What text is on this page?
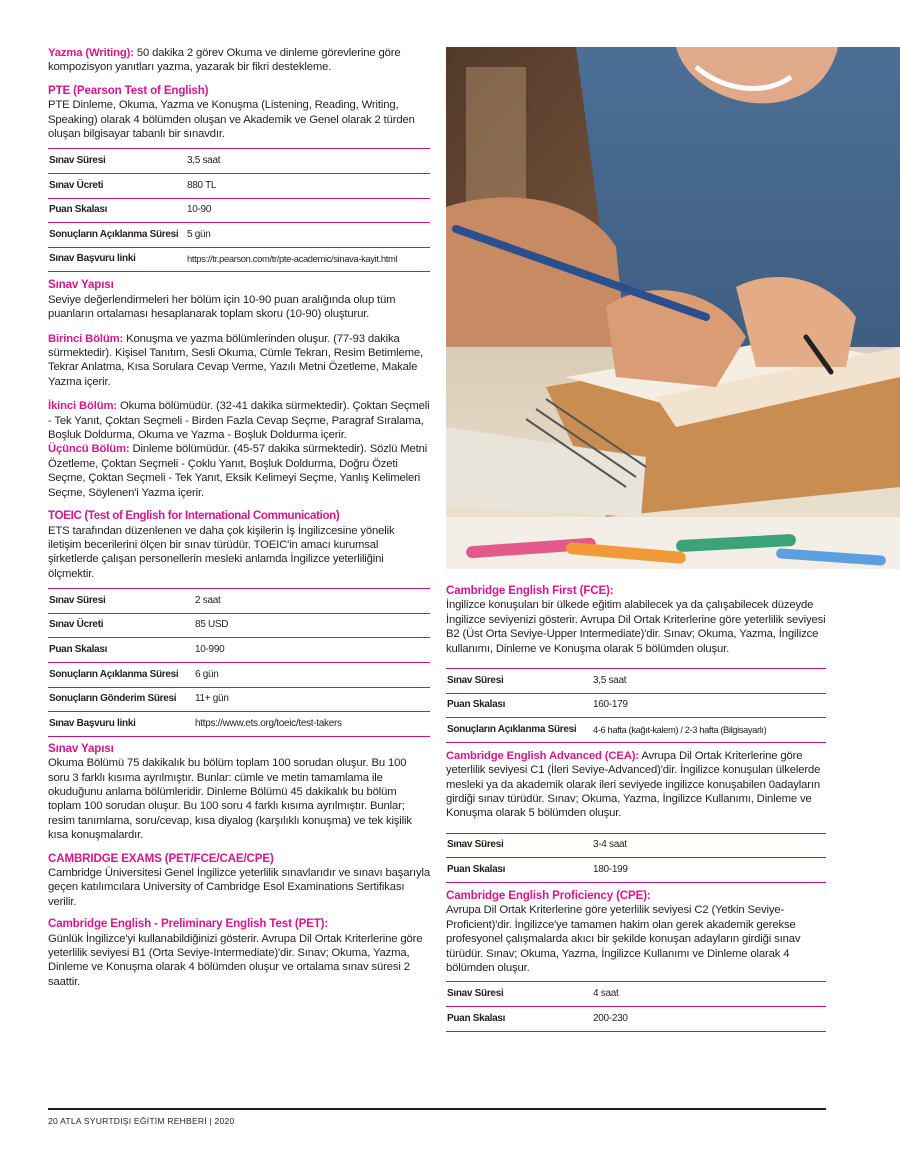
Yazma (Writing): 50 dakika 2 görev Okuma ve dinleme görevlerine göre kompozisyon yanıtları yazma, yazarak bir fikri destekleme.

PTE (Pearson Test of English)

PTE Dinleme, Okuma, Yazma ve Konuşma (Listening, Reading, Writing, Speaking) olarak 4 bölümden oluşan ve Akademik ve Genel olarak 2 türden oluşan bilgisayar tabanlı bir sınavdır.

Sınav Süresi	3,5 saat
Sınav Ücreti	880 TL
Puan Skalası	10-90
Sonuçların Açıklanma Süresi	5 gün
Sınav Başvuru linki	https://tr.pearson.com/tr/pte-academic/sinava-kayit.html
Sınav Yapısı

Seviye değerlendirmeleri her bölüm için 10-90 puan aralığında olup tüm puanların ortalaması hesaplanarak toplam skoru (10-90) oluşturur.

Birinci Bölüm: Konuşma ve yazma bölümlerinden oluşur. (77-93 dakika sürmektedir). Kişisel Tanıtım, Sesli Okuma, Cümle Tekrarı, Resim Betimleme, Tekrar Anlatma, Kısa Sorulara Cevap Verme, Yazılı Metni Özetleme, Makale Yazma içerir.

İkinci Bölüm: Okuma bölümüdür. (32-41 dakika sürmektedir). Çoktan Seçmeli - Tek Yanıt, Çoktan Seçmeli - Birden Fazla Cevap Seçme, Paragraf Sıralama, Boşluk Doldurma, Okuma ve Yazma - Boşluk Doldurma içerir.

Üçüncü Bölüm: Dinleme bölümüdür. (45-57 dakika sürmektedir). Sözlü Metni Özetleme, Çoktan Seçmeli - Çoklu Yanıt, Boşluk Doldurma, Doğru Özeti Seçme, Çoktan Seçmeli - Tek Yanıt, Eksik Kelimeyi Seçme, Yanlış Kelimeleri Seçme, Söylenen'i Yazma içerir.

TOEIC (Test of English for International Communication)

ETS tarafından düzenlenen ve daha çok kişilerin İş İngilizcesine yönelik iletişim becerilerini ölçen bir sınav türüdür. TOEIC'in amacı kurumsal şirketlerde çalışan personellerin mesleki anlamda İngilizce yeterliliğini ölçmektir.

Sınav Süresi	2 saat
Sınav Ücreti	85 USD
Puan Skalası	10-990
Sonuçların Açıklanma Süresi	6 gün
Sonuçların Gönderim Süresi	11+ gün
Sınav Başvuru linki	https://www.ets.org/toeic/test-takers
Sınav Yapısı

Okuma Bölümü 75 dakikalık bu bölüm toplam 100 sorudan oluşur. Bu 100 soru 3 farklı kısıma ayrılmıştır. Bunlar: cümle ve metin tamamlama ile okuduğunu anlama bölümleridir. Dinleme Bölümü 45 dakikalık bu bölüm toplam 100 sorudan oluşur. Bu 100 soru 4 farklı kısıma ayrılmıştır. Bunlar; resim tanımlama, soru/cevap, kısa diyalog (karşılıklı konuşma) ve tek kişilik kısa konuşmalardır.

CAMBRIDGE EXAMS (PET/FCE/CAE/CPE)

Cambridge Üniversitesi Genel İngilizce yeterlilik sınavlarıdır ve sınavı başarıyla geçen katılımcılara University of Cambridge Esol Examinations Sertifikası verilir.

Cambridge English - Preliminary English Test (PET):

Günlük İngilizce'yi kullanabildiğinizi gösterir. Avrupa Dil Ortak Kriterlerine göre yeterlilik seviyesi B1 (Orta Seviye-Intermediate)'dir. Sınav; Okuma, Yazma, Dinleme ve Konuşma olarak 4 bölümden oluşur ve ortalama sınav süresi 2 saattir.

Cambridge English First (FCE):

İngilizce konuşulan bir ülkede eğitim alabilecek ya da çalışabilecek düzeyde İngilizce seviyenizi gösterir. Avrupa Dil Ortak Kriterlerine göre yeterlilik seviyesi B2 (Üst Orta Seviye-Upper Intermediate)'dir. Sınav; Okuma, Yazma, İngilizce kullanımı, Dinleme ve Konuşma olarak 5 bölümden oluşur.

Sınav Süresi	3,5 saat
Puan Skalası	160-179
Sonuçların Açıklanma Süresi	4-6 hafta (kağıt-kalem) / 2-3 hafta (Bilgisayarlı)

Cambridge English Advanced (CEA): Avrupa Dil Ortak Kriterlerine göre yeterlilik seviyesi C1 (İleri Seviye-Advanced)'dir. İngilizce konuşulan ülkelerde mesleki ya da akademik olarak ileri seviyede ingilizce konuşabilen 0adayların girdiği sınav türüdür. Sınav; Okuma, Yazma, İngilizce Kullanımı, Dinleme ve Konuşma olarak 5 bölümden oluşur.

Sınav Süresi	3-4 saat
Puan Skalası	180-199
Cambridge English Proficiency (CPE):

Avrupa Dil Ortak Kriterlerine göre yeterlilik seviyesi C2 (Yetkin Seviye-Proficient)'dir. İngilizce'ye tamamen hakim olan gerek akademik gerekse profesyonel çalışmalarda akıcı bir şekilde konuşan adayların girdiği sınav türüdür. Sınav; Okuma, Yazma, İngilizce Kullanımı ve Dinleme olarak 4 bölümden oluşur.

Sınav Süresi	4 saat
Puan Skalası	200-230
20 ATLA SYURTDIŞI EĞİTİM REHBERİ | 2020
